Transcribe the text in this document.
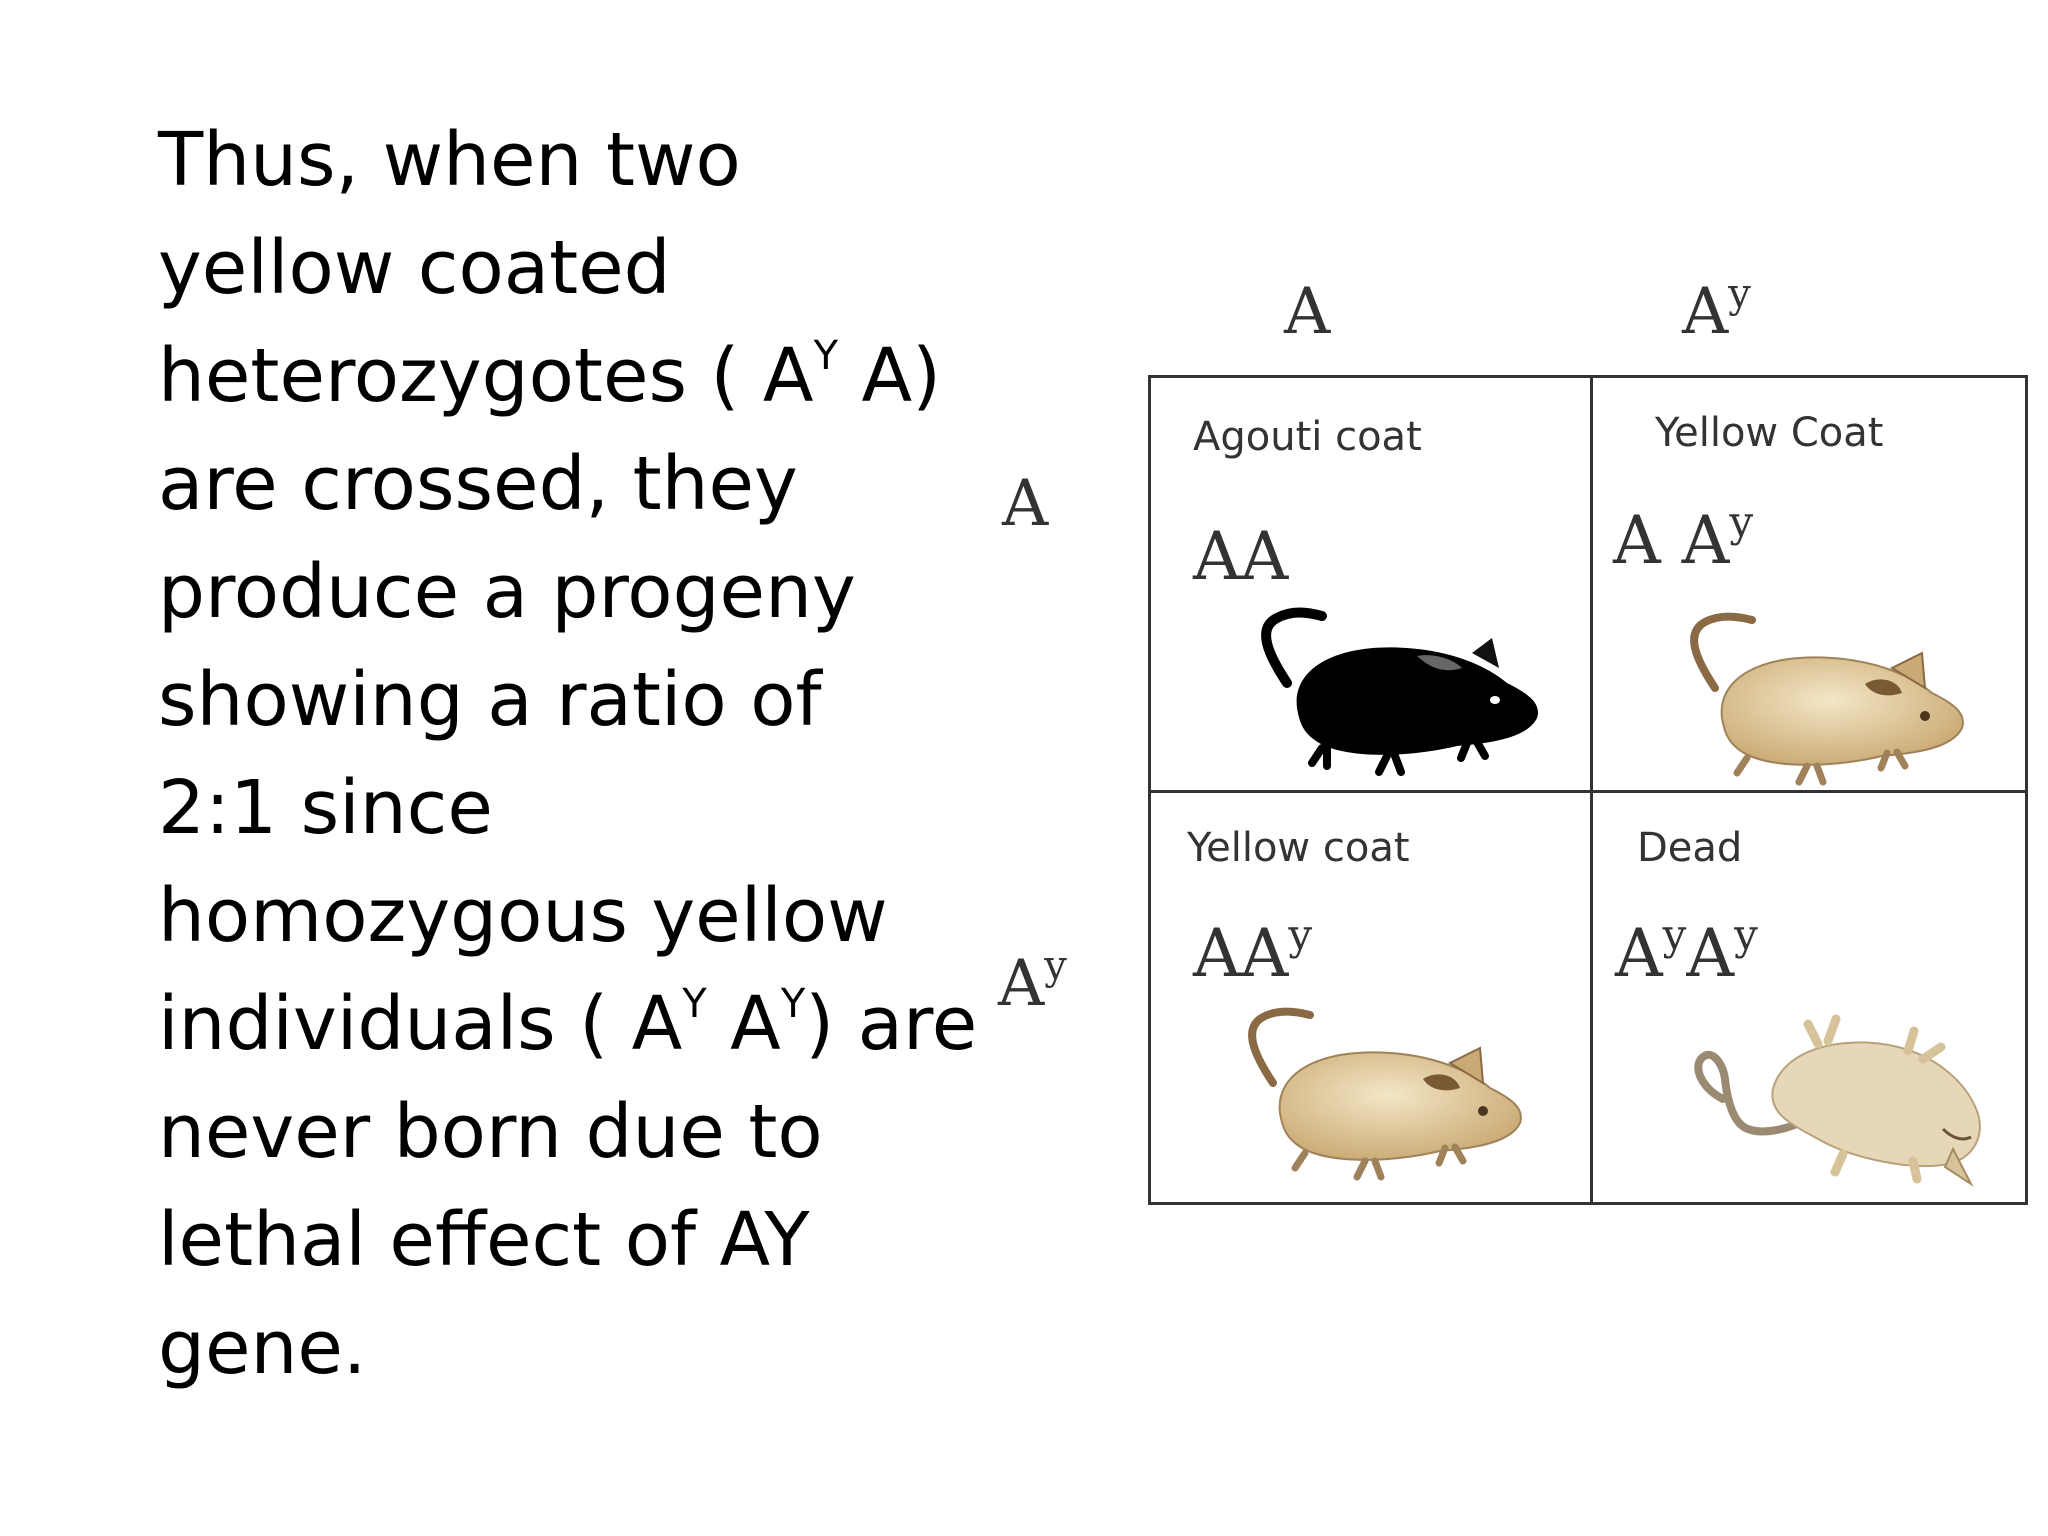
Thus, when two
yellow coated
heterozygotes ( $A^Y$ A)
are crossed, they
produce a progeny
showing a ratio of
2:1 since
homozygous yellow
individuals ( $A^Y$ $A^Y$) are
never born due to
lethal effect of AY
gene.
A	$A^y$
A
$A^y$
Agouti coat
AA
Yellow Coat
A $A^y$
Yellow coat
$AA^y$
Dead
$A^yA^y$
